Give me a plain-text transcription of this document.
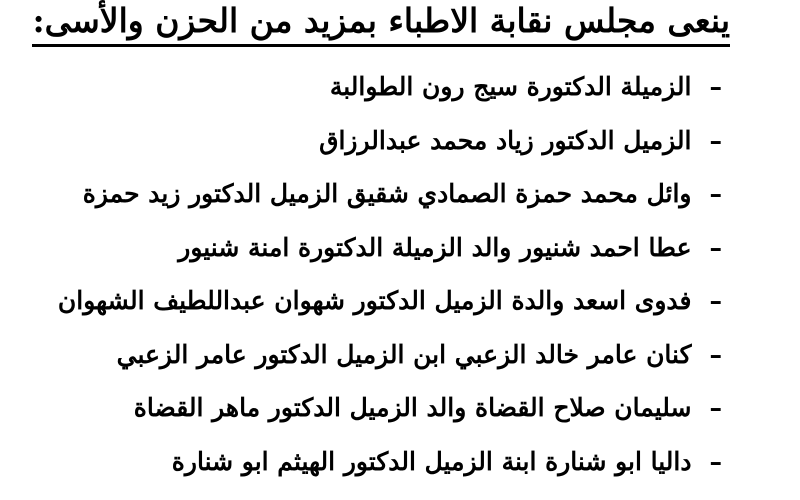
ينعى مجلس نقابة الاطباء بمزيد من الحزن والأسى:
–
الزميلة الدكتورة سيج رون الطوالبة
–
الزميل الدكتور زياد محمد عبدالرزاق
–
وائل محمد حمزة الصمادي شقيق الزميل الدكتور زيد حمزة
–
عطا احمد شنيور والد الزميلة الدكتورة امنة شنيور
–
فدوى اسعد والدة الزميل الدكتور شهوان عبداللطيف الشهوان
–
كنان عامر خالد الزعبي ابن الزميل الدكتور عامر الزعبي
–
سليمان صلاح القضاة والد الزميل الدكتور ماهر القضاة
–
داليا ابو شنارة ابنة الزميل الدكتور الهيثم ابو شنارة
